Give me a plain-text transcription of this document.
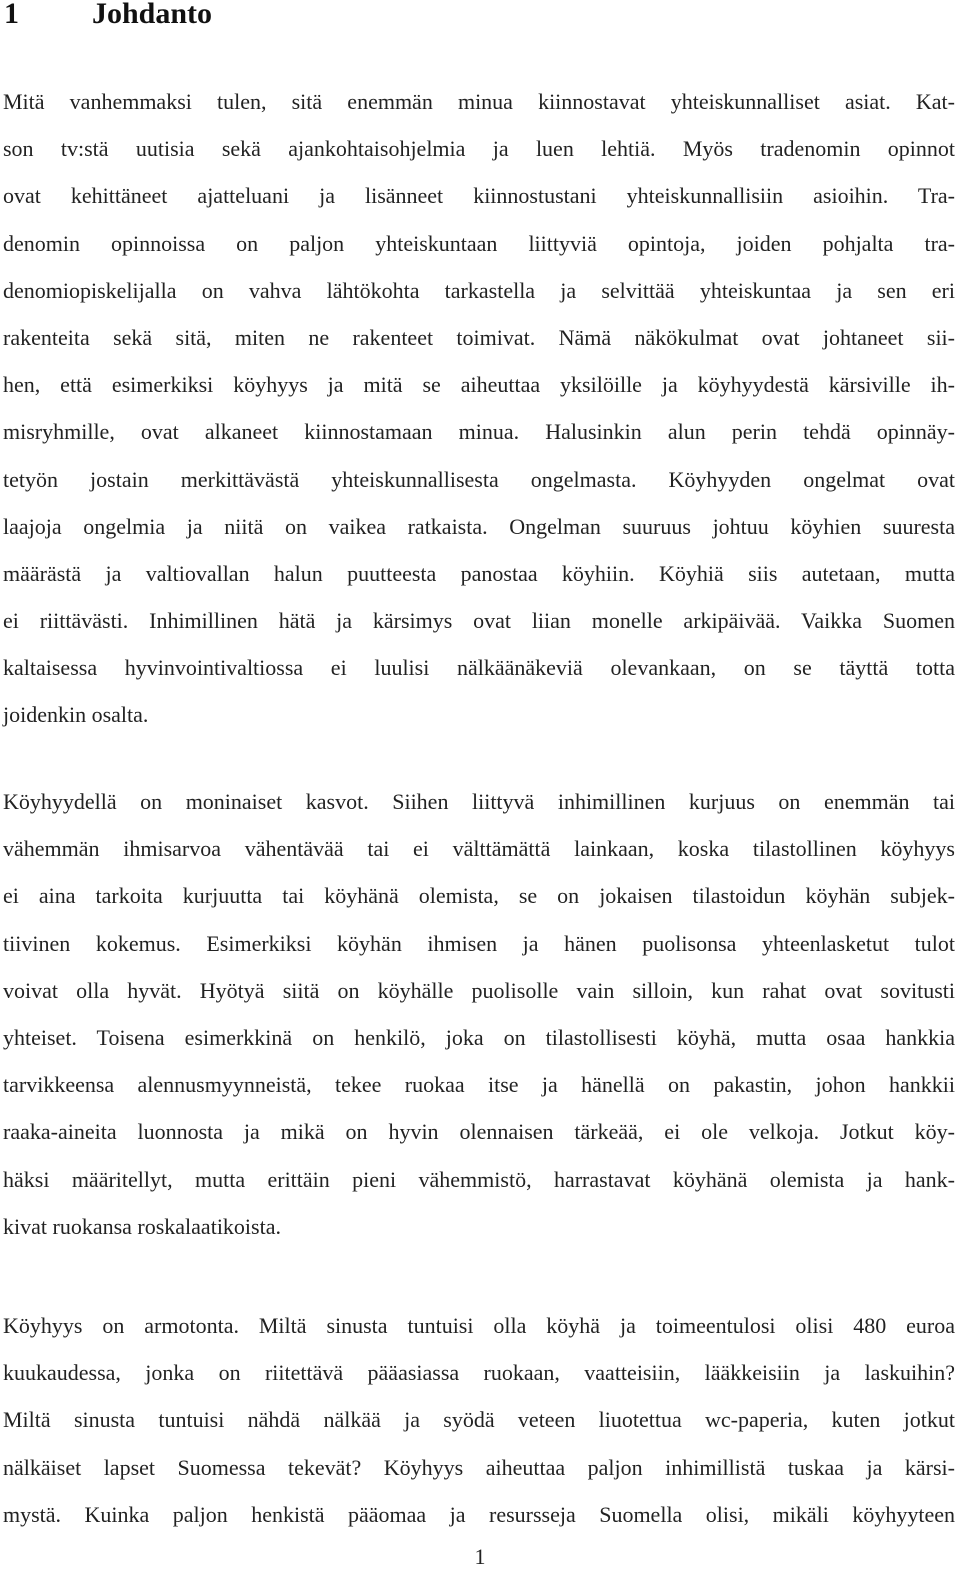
1 Johdanto
Mitä vanhemmaksi tulen, sitä enemmän minua kiinnostavat yhteiskunnalliset asiat. Kat-
son tv:stä uutisia sekä ajankohtaisohjelmia ja luen lehtiä. Myös tradenomin opinnot
ovat kehittäneet ajatteluani ja lisänneet kiinnostustani yhteiskunnallisiin asioihin. Tra-
denomin opinnoissa on paljon yhteiskuntaan liittyviä opintoja, joiden pohjalta tra-
denomiopiskelijalla on vahva lähtökohta tarkastella ja selvittää yhteiskuntaa ja sen eri
rakenteita sekä sitä, miten ne rakenteet toimivat. Nämä näkökulmat ovat johtaneet sii-
hen, että esimerkiksi köyhyys ja mitä se aiheuttaa yksilöille ja köyhyydestä kärsiville ih-
misryhmille, ovat alkaneet kiinnostamaan minua. Halusinkin alun perin tehdä opinnäy-
tetyön jostain merkittävästä yhteiskunnallisesta ongelmasta. Köyhyyden ongelmat ovat
laajoja ongelmia ja niitä on vaikea ratkaista. Ongelman suuruus johtuu köyhien suuresta
määrästä ja valtiovallan halun puutteesta panostaa köyhiin. Köyhiä siis autetaan, mutta
ei riittävästi. Inhimillinen hätä ja kärsimys ovat liian monelle arkipäivää. Vaikka Suomen
kaltaisessa hyvinvointivaltiossa ei luulisi nälkäänäkeviä olevankaan, on se täyttä totta
joidenkin osalta.
Köyhyydellä on moninaiset kasvot. Siihen liittyvä inhimillinen kurjuus on enemmän tai
vähemmän ihmisarvoa vähentävää tai ei välttämättä lainkaan, koska tilastollinen köyhyys
ei aina tarkoita kurjuutta tai köyhänä olemista, se on jokaisen tilastoidun köyhän subjek-
tiivinen kokemus. Esimerkiksi köyhän ihmisen ja hänen puolisonsa yhteenlasketut tulot
voivat olla hyvät. Hyötyä siitä on köyhälle puolisolle vain silloin, kun rahat ovat sovitusti
yhteiset. Toisena esimerkkinä on henkilö, joka on tilastollisesti köyhä, mutta osaa hankkia
tarvikkeensa alennusmyynneistä, tekee ruokaa itse ja hänellä on pakastin, johon hankkii
raaka-aineita luonnosta ja mikä on hyvin olennaisen tärkeää, ei ole velkoja. Jotkut köy-
häksi määritellyt, mutta erittäin pieni vähemmistö, harrastavat köyhänä olemista ja hank-
kivat ruokansa roskalaatikoista.
Köyhyys on armotonta. Miltä sinusta tuntuisi olla köyhä ja toimeentulosi olisi 480 euroa
kuukaudessa, jonka on riitettävä pääasiassa ruokaan, vaatteisiin, lääkkeisiin ja laskuihin?
Miltä sinusta tuntuisi nähdä nälkää ja syödä veteen liuotettua wc-paperia, kuten jotkut
nälkäiset lapset Suomessa tekevät? Köyhyys aiheuttaa paljon inhimillistä tuskaa ja kärsi-
mystä. Kuinka paljon henkistä pääomaa ja resursseja Suomella olisi, mikäli köyhyyteen
1
